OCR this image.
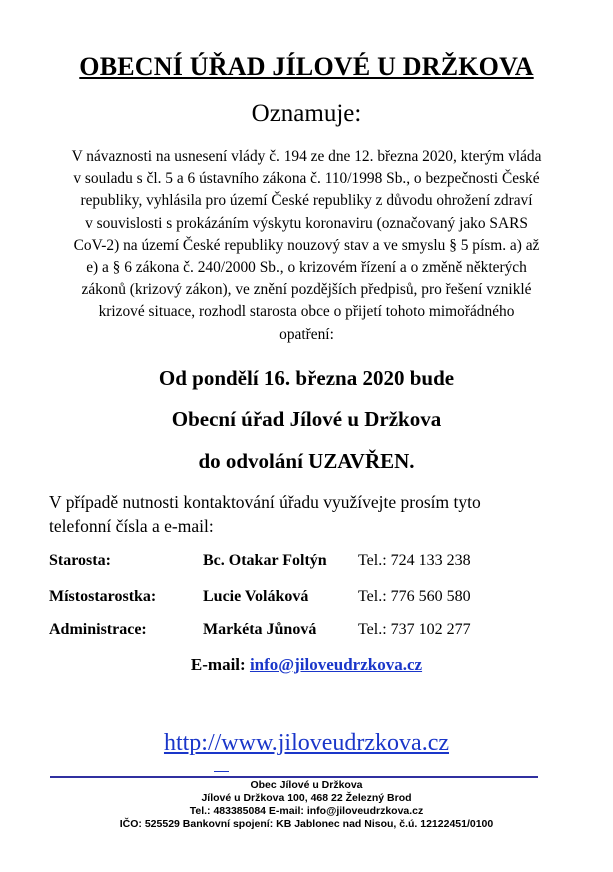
OBECNÍ ÚŘAD JÍLOVÉ U DRŽKOVA
Oznamuje:
V návaznosti na usnesení vlády č. 194 ze dne 12. března 2020, kterým vláda
v souladu s čl. 5 a 6 ústavního zákona č. 110/1998 Sb., o bezpečnosti České
republiky, vyhlásila pro území České republiky z důvodu ohrožení zdraví
v souvislosti s prokázáním výskytu koronaviru (označovaný jako SARS
CoV-2) na území České republiky nouzový stav a ve smyslu § 5 písm. a) až
e) a § 6 zákona č. 240/2000 Sb., o krizovém řízení a o změně některých
zákonů (krizový zákon), ve znění pozdějších předpisů, pro řešení vzniklé
krizové situace, rozhodl starosta obce o přijetí tohoto mimořádného
opatření:
Od pondělí 16. března 2020 bude
Obecní úřad Jílové u Držkova
do odvolání UZAVŘEN.
V případě nutnosti kontaktování úřadu využívejte prosím tyto
telefonní čísla a e-mail:
Starosta:	Bc. Otakar Foltýn Tel.: 724 133 238
Místostarostka:	Lucie Voláková	Tel.: 776 560 580
Administrace:	Markéta Jůnová	Tel.: 737 102 277
E-mail: info@jiloveudrzkova.cz
http://www.jiloveudrzkova.cz
Obec Jílové u Držkova
Jílové u Držkova 100, 468 22 Železný Brod
Tel.: 483385084 E-mail: info@jiloveudrzkova.cz
IČO: 525529 Bankovní spojení: KB Jablonec nad Nisou, č.ú. 12122451/0100
